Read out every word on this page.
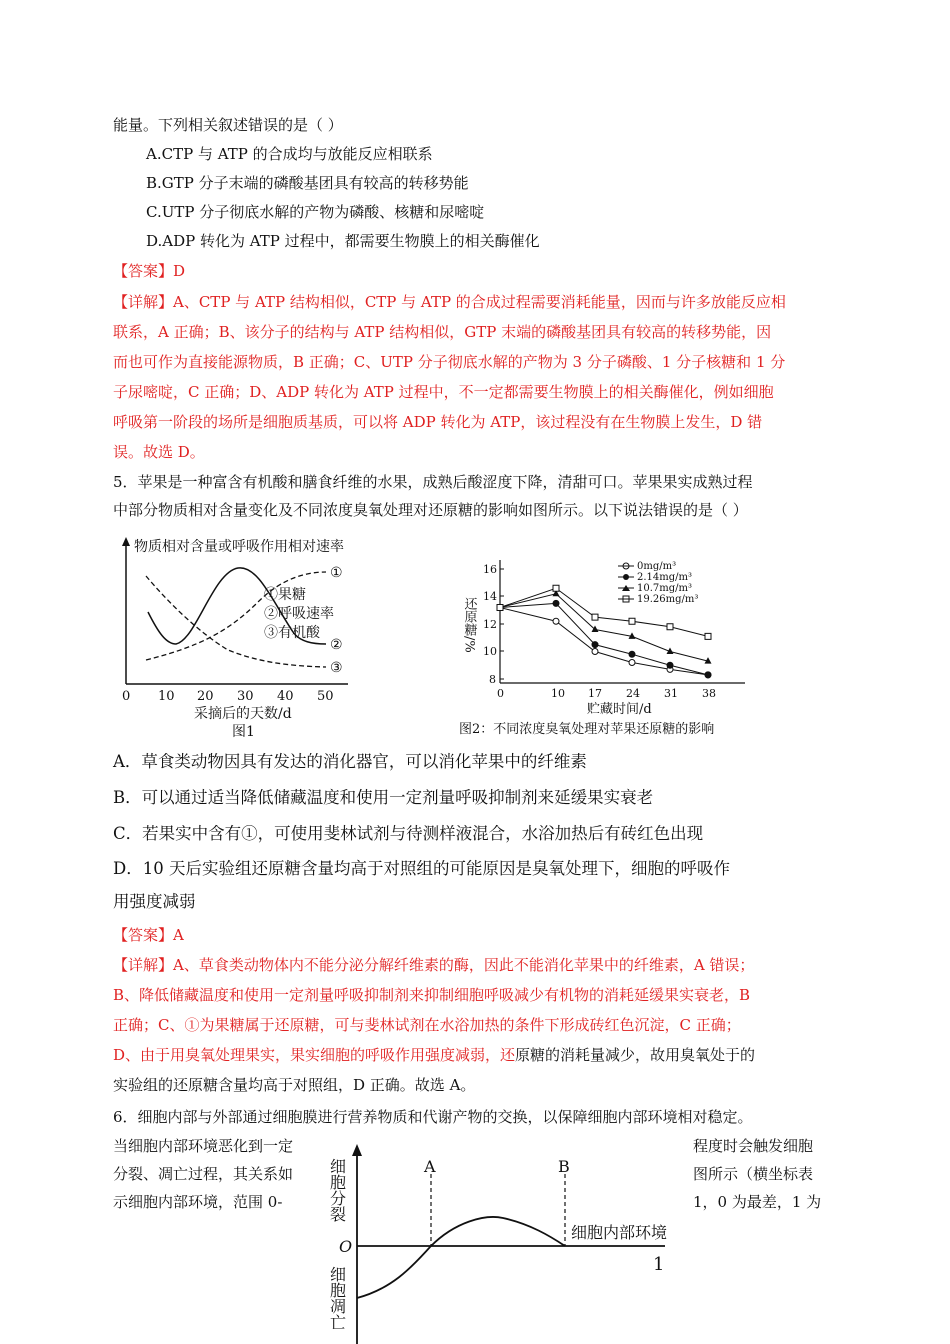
能量。下列相关叙述错误的是（ ）
A.CTP 与 ATP 的合成均与放能反应相联系
B.GTP 分子末端的磷酸基团具有较高的转移势能
C.UTP 分子彻底水解的产物为磷酸、核糖和尿嘧啶
D.ADP 转化为 ATP 过程中，都需要生物膜上的相关酶催化
【答案】D
【详解】A、CTP 与 ATP 结构相似，CTP 与 ATP 的合成过程需要消耗能量，因而与许多放能反应相
联系，A 正确；B、该分子的结构与 ATP 结构相似，GTP 末端的磷酸基团具有较高的转移势能，因
而也可作为直接能源物质，B 正确；C、UTP 分子彻底水解的产物为 3 分子磷酸、1 分子核糖和 1 分
子尿嘧啶，C 正确；D、ADP 转化为 ATP 过程中，不一定都需要生物膜上的相关酶催化，例如细胞
呼吸第一阶段的场所是细胞质基质，可以将 ADP 转化为 ATP，该过程没有在生物膜上发生，D 错
误。故选 D。
5．苹果是一种富含有机酸和膳食纤维的水果，成熟后酸涩度下降，清甜可口。苹果果实成熟过程
中部分物质相对含量变化及不同浓度臭氧处理对还原糖的影响如图所示。以下说法错误的是（ ）
物质相对含量或呼吸作用相对速率
①
②
③
①果糖
②呼吸速率
③有机酸
0 10 20 30 40 50
采摘后的天数/d
图1
16
14
12
10
8
还原糖/%
0	10 17 24 31 38
贮藏时间/d
图2：不同浓度臭氧处理对苹果还原糖的影响
0mg/m³
2.14mg/m³
10.7mg/m³
19.26mg/m³
A．草食类动物因具有发达的消化器官，可以消化苹果中的纤维素
B．可以通过适当降低储藏温度和使用一定剂量呼吸抑制剂来延缓果实衰老
C．若果实中含有①，可使用斐林试剂与待测样液混合，水浴加热后有砖红色出现
D．10 天后实验组还原糖含量均高于对照组的可能原因是臭氧处理下，细胞的呼吸作
用强度减弱
【答案】A
【详解】A、草食类动物体内不能分泌分解纤维素的酶，因此不能消化苹果中的纤维素，A 错误；
B、降低储藏温度和使用一定剂量呼吸抑制剂来抑制细胞呼吸减少有机物的消耗延缓果实衰老，B
正确；C、①为果糖属于还原糖，可与斐林试剂在水浴加热的条件下形成砖红色沉淀，C 正确；
D、由于用臭氧处理果实，果实细胞的呼吸作用强度减弱，还原糖的消耗量减少，故用臭氧处于的
实验组的还原糖含量均高于对照组，D 正确。故选 A。
6．细胞内部与外部通过细胞膜进行营养物质和代谢产物的交换，以保障细胞内部环境相对稳定。
当细胞内部环境恶化到一定
分裂、凋亡过程，其关系如
示细胞内部环境，范围 0-
程度时会触发细胞
图所示（横坐标表
1，0 为最差，1 为
细胞分裂
细胞凋亡
O
1
细胞内部环境
A	B
